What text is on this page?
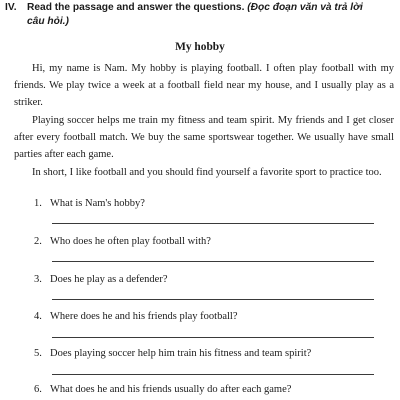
IV. Read the passage and answer the questions. (Đọc đoạn văn và trả lời
câu hỏi.)
My hobby

Hi, my name is Nam. My hobby is playing football. I often play football with my friends. We play twice a week at a football field near my house, and I usually play as a striker.

Playing soccer helps me train my fitness and team spirit. My friends and I get closer after every football match. We buy the same sportswear together. We usually have small parties after each game.

In short, I like football and you should find yourself a favorite sport to practice too.

1. What is Nam's hobby?
2. Who does he often play football with?
3. Does he play as a defender?
4. Where does he and his friends play football?
5. Does playing soccer help him train his fitness and team spirit?
6. What does he and his friends usually do after each game?
